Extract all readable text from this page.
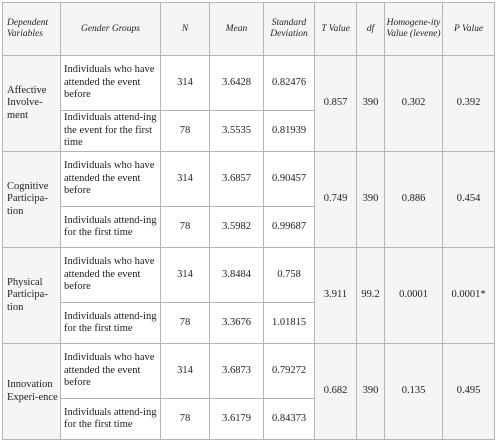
Dependent Variables	Gender Groups	N	Mean	Standard Deviation	T Value	df	Homogene-ity Value (levene)	P Value
Affective Involve-ment	Individuals who have attended the event before	314	3.6428	0.82476	0.857	390	0.302	0.392
	Individuals attend-ing the event for the first time	78	3.5535	0.81939				
Cognitive Participa-tion	Individuals who have attended the event before	314	3.6857	0.90457	0.749	390	0.886	0.454
	Individuals attend-ing for the first time	78	3.5982	0.99687				
Physical Participa-tion	Individuals who have attended the event before	314	3.8484	0.758	3.911	99.2	0.0001	0.0001*
	Individuals attend-ing for the first time	78	3.3676	1.01815				
Innovation Experi-ence	Individuals who have attended the event before	314	3.6873	0.79272	0.682	390	0.135	0.495
	Individuals attend-ing for the first time	78	3.6179	0.84373				
